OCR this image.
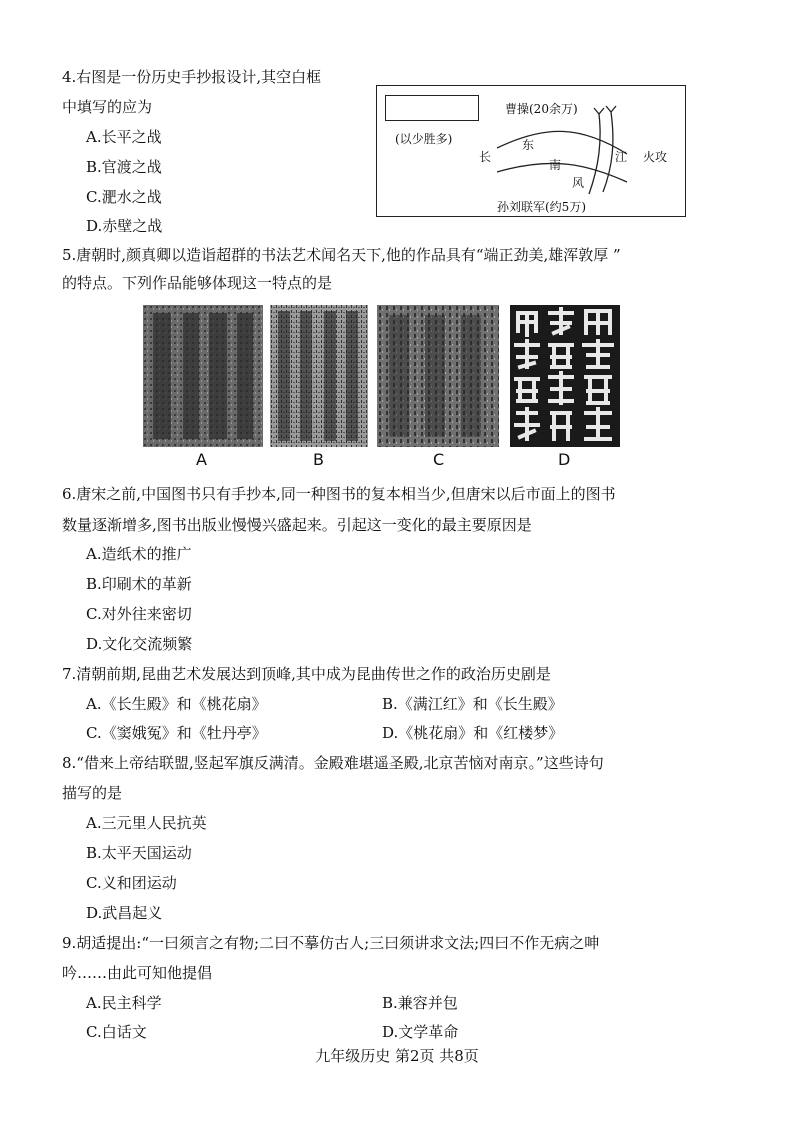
4.右图是一份历史手抄报设计,其空白框
中填写的应为
A.长平之战
B.官渡之战
C.淝水之战
D.赤壁之战
(以少胜多)
曹操(20余万)
长	江
东
南
风
火攻
孙刘联军(约5万)
5.唐朝时,颜真卿以造诣超群的书法艺术闻名天下,他的作品具有“端正劲美,雄浑敦厚 ”
的特点。下列作品能够体现这一特点的是
A	B	C	D
6.唐宋之前,中国图书只有手抄本,同一种图书的复本相当少,但唐宋以后市面上的图书
数量逐渐增多,图书出版业慢慢兴盛起来。引起这一变化的最主要原因是
A.造纸术的推广
B.印刷术的革新
C.对外往来密切
D.文化交流频繁
7.清朝前期,昆曲艺术发展达到顶峰,其中成为昆曲传世之作的政治历史剧是
A.《长生殿》和《桃花扇》	B.《满江红》和《长生殿》
C.《窦娥冤》和《牡丹亭》	D.《桃花扇》和《红楼梦》
8.“借来上帝结联盟,竖起军旗反满清。金殿难堪遥圣殿,北京苦恼对南京。”这些诗句
描写的是
A.三元里人民抗英
B.太平天国运动
C.义和团运动
D.武昌起义
9.胡适提出:“一曰须言之有物;二曰不摹仿古人;三曰须讲求文法;四曰不作无病之呻
吟……由此可知他提倡
A.民主科学	B.兼容并包
C.白话文	D.文学革命
九年级历史 第2页 共8页
